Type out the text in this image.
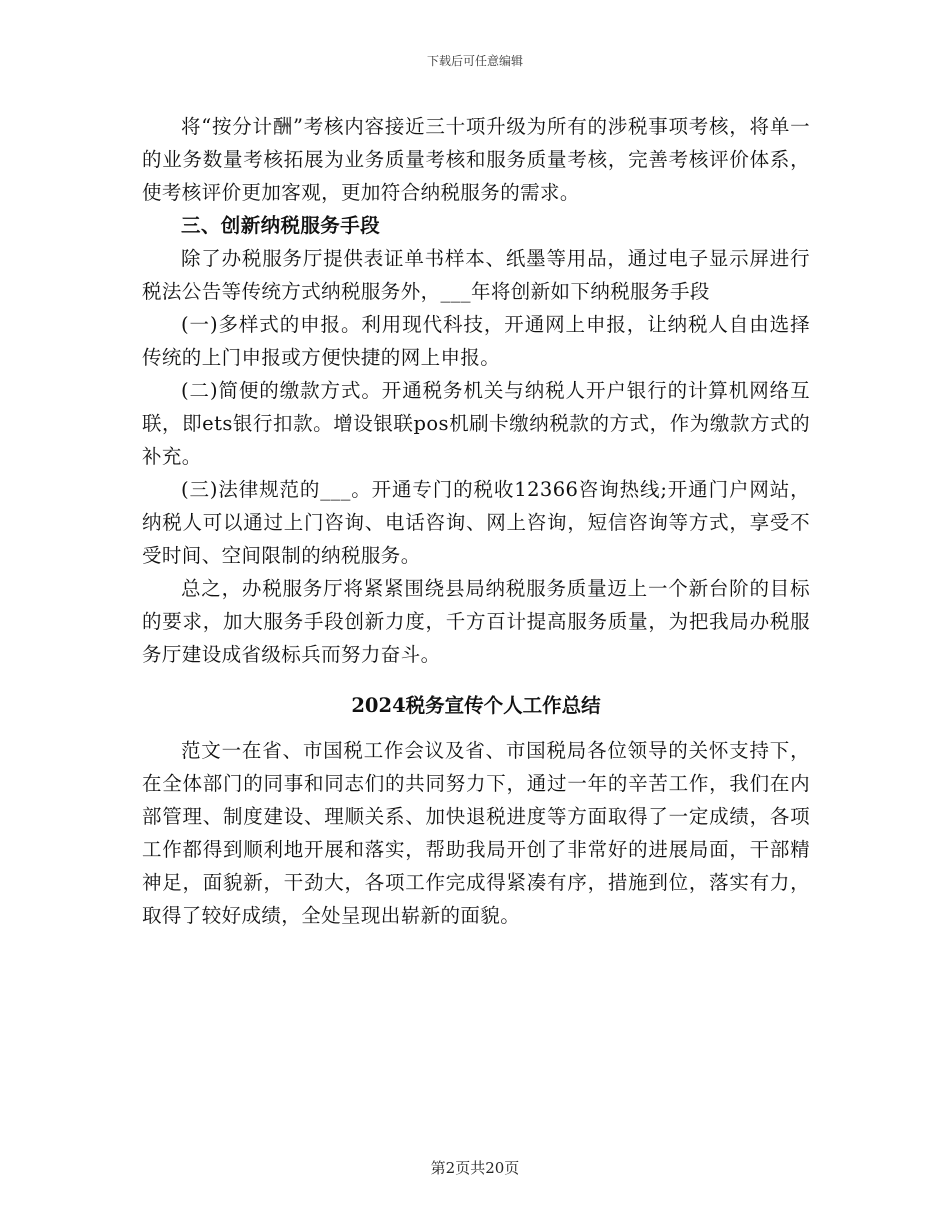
下载后可任意编辑

将“按分计酬”考核内容接近三十项升级为所有的涉税事项考核，将单一的业务数量考核拓展为业务质量考核和服务质量考核，完善考核评价体系，使考核评价更加客观，更加符合纳税服务的需求。

三、创新纳税服务手段

除了办税服务厅提供表证单书样本、纸墨等用品，通过电子显示屏进行税法公告等传统方式纳税服务外，___年将创新如下纳税服务手段

(一)多样式的申报。利用现代科技，开通网上申报，让纳税人自由选择传统的上门申报或方便快捷的网上申报。

(二)简便的缴款方式。开通税务机关与纳税人开户银行的计算机网络互联，即ets银行扣款。增设银联pos机刷卡缴纳税款的方式，作为缴款方式的补充。

(三)法律规范的___。开通专门的税收12366咨询热线;开通门户网站，纳税人可以通过上门咨询、电话咨询、网上咨询，短信咨询等方式，享受不受时间、空间限制的纳税服务。

总之，办税服务厅将紧紧围绕县局纳税服务质量迈上一个新台阶的目标的要求，加大服务手段创新力度，千方百计提高服务质量，为把我局办税服务厅建设成省级标兵而努力奋斗。

2024税务宣传个人工作总结

范文一在省、市国税工作会议及省、市国税局各位领导的关怀支持下，在全体部门的同事和同志们的共同努力下，通过一年的辛苦工作，我们在内部管理、制度建设、理顺关系、加快退税进度等方面取得了一定成绩，各项工作都得到顺利地开展和落实，帮助我局开创了非常好的进展局面，干部精神足，面貌新，干劲大，各项工作完成得紧凑有序，措施到位，落实有力，取得了较好成绩，全处呈现出崭新的面貌。

第2页共20页
